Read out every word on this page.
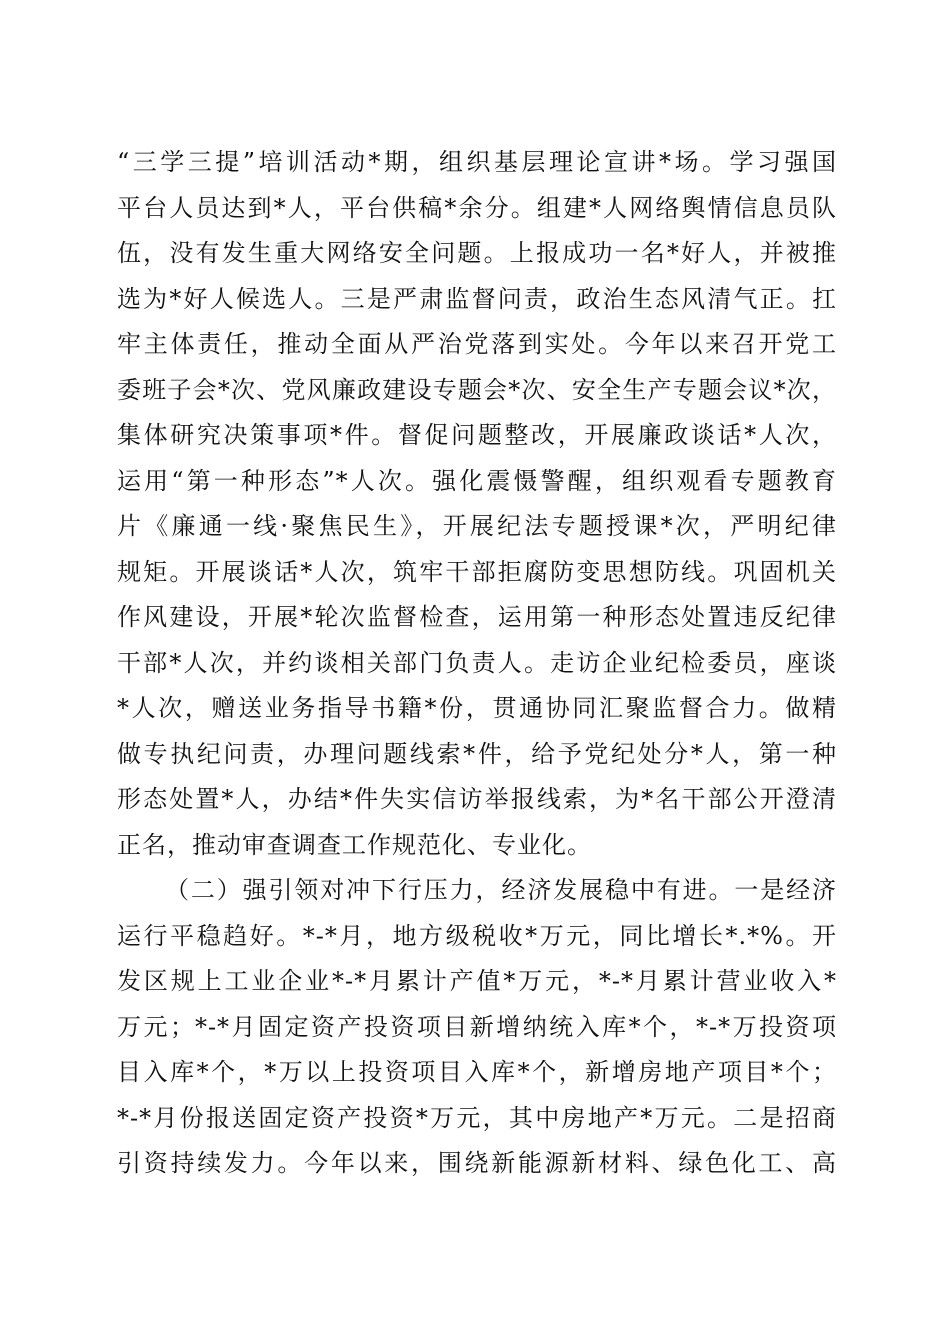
“三学三提”培训活动*期，组织基层理论宣讲*场。学习强国
平台人员达到*人，平台供稿*余分。组建*人网络舆情信息员队
伍，没有发生重大网络安全问题。上报成功一名*好人，并被推
选为*好人候选人。三是严肃监督问责，政治生态风清气正。扛
牢主体责任，推动全面从严治党落到实处。今年以来召开党工
委班子会*次、党风廉政建设专题会*次、安全生产专题会议*次，
集体研究决策事项*件。督促问题整改，开展廉政谈话*人次，
运用“第一种形态”*人次。强化震慑警醒，组织观看专题教育
片《廉通一线·聚焦民生》，开展纪法专题授课*次，严明纪律
规矩。开展谈话*人次，筑牢干部拒腐防变思想防线。巩固机关
作风建设，开展*轮次监督检查，运用第一种形态处置违反纪律
干部*人次，并约谈相关部门负责人。走访企业纪检委员，座谈
*人次，赠送业务指导书籍*份，贯通协同汇聚监督合力。做精
做专执纪问责，办理问题线索*件，给予党纪处分*人，第一种
形态处置*人，办结*件失实信访举报线索，为*名干部公开澄清
正名，推动审查调查工作规范化、专业化。
（二）强引领对冲下行压力，经济发展稳中有进。一是经济
运行平稳趋好。*-*月，地方级税收*万元，同比增长*.*%。开
发区规上工业企业*-*月累计产值*万元，*-*月累计营业收入*
万元；*-*月固定资产投资项目新增纳统入库*个，*-*万投资项
目入库*个，*万以上投资项目入库*个，新增房地产项目*个；
*-*月份报送固定资产投资*万元，其中房地产*万元。二是招商
引资持续发力。今年以来，围绕新能源新材料、绿色化工、高
